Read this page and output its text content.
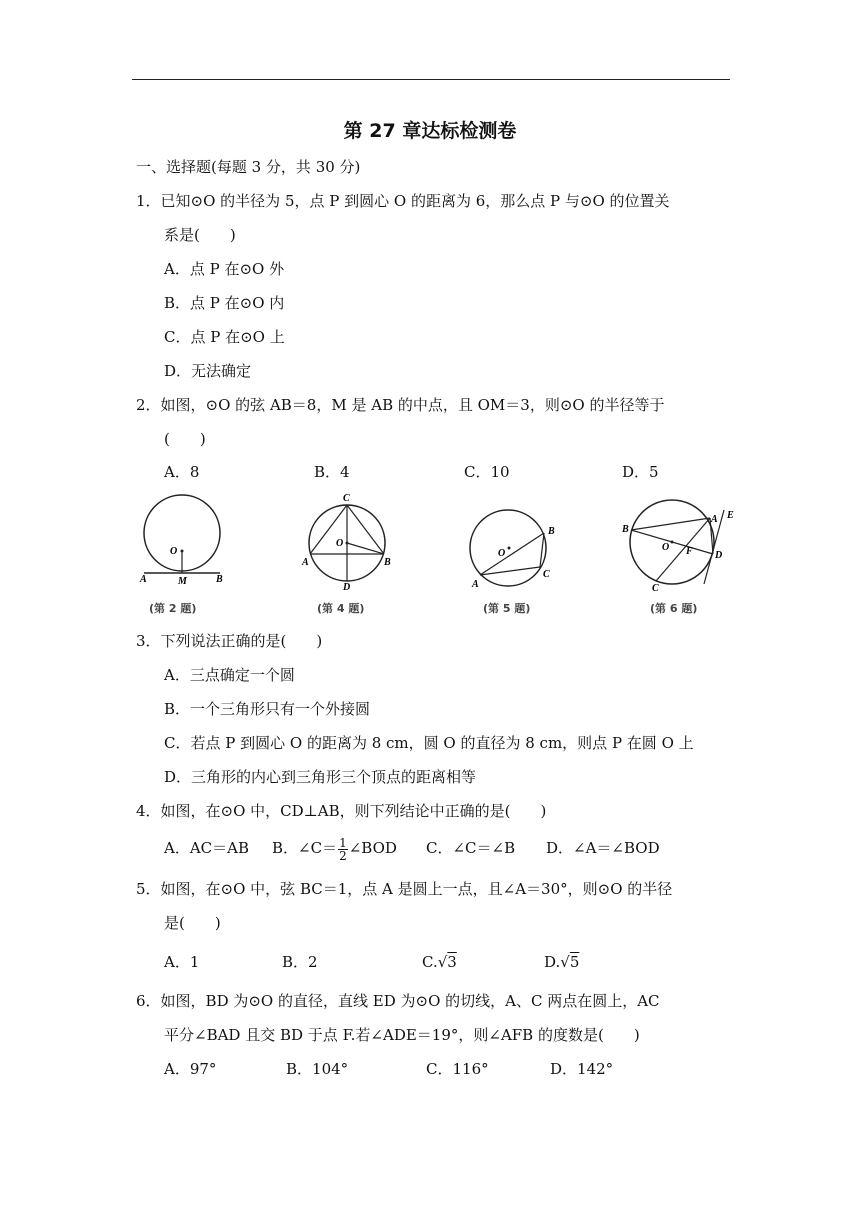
第 27 章达标检测卷
一、选择题(每题 3 分，共 30 分)
1．已知⊙O 的半径为 5，点 P 到圆心 O 的距离为 6，那么点 P 与⊙O 的位置关
系是(　　)
A．点 P 在⊙O 外
B．点 P 在⊙O 内
C．点 P 在⊙O 上
D．无法确定
2．如图，⊙O 的弦 AB＝8，M 是 AB 的中点，且 OM＝3，则⊙O 的半径等于
(　　)
A．8	B．4	C．10	D．5
O
A	M	B
C
O
A	B
D
O
B
C
A
B
A E
O F D
C
(第 2 题)	(第 4 题)	(第 5 题)	(第 6 题)
3．下列说法正确的是(　　)
A．三点确定一个圆
B．一个三角形只有一个外接圆
C．若点 P 到圆心 O 的距离为 8 cm，圆 O 的直径为 8 cm，则点 P 在圆 O 上
D．三角形的内心到三角形三个顶点的距离相等
4．如图，在⊙O 中，CD⊥AB，则下列结论中正确的是(　　)
A．AC＝AB B．∠C＝ $\frac{1}{2}$ ∠BOD C．∠C＝∠B D．∠A＝∠BOD
5．如图，在⊙O 中，弦 BC＝1，点 A 是圆上一点，且∠A＝30°，则⊙O 的半径
是(　　)
A．1	B．2	C.√3	D.√5
6．如图，BD 为⊙O 的直径，直线 ED 为⊙O 的切线，A、C 两点在圆上，AC
平分∠BAD 且交 BD 于点 F.若∠ADE＝19°，则∠AFB 的度数是(　　)
A．97°	B．104°	C．116°	D．142°
